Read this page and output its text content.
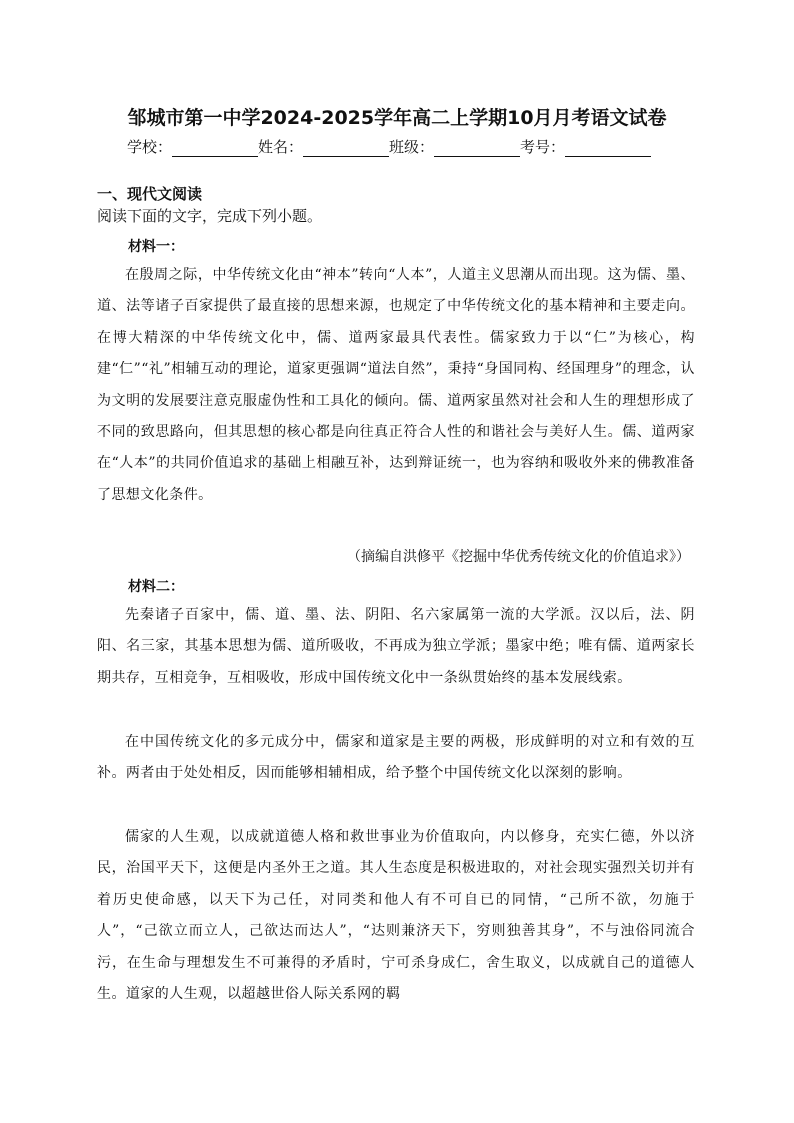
邹城市第一中学2024-2025学年高二上学期10月月考语文试卷
学校：	姓名：	班级：	考号：
一、现代文阅读
阅读下面的文字，完成下列小题。
材料一：
在殷周之际，中华传统文化由“神本”转向“人本”，人道主义思潮从而出现。这为儒、墨、道、法等诸子百家提供了最直接的思想来源，也规定了中华传统文化的基本精神和主要走向。在博大精深的中华传统文化中，儒、道两家最具代表性。儒家致力于以“仁”为核心，构建“仁”“礼”相辅互动的理论，道家更强调“道法自然”，秉持“身国同构、经国理身”的理念，认为文明的发展要注意克服虚伪性和工具化的倾向。儒、道两家虽然对社会和人生的理想形成了不同的致思路向，但其思想的核心都是向往真正符合人性的和谐社会与美好人生。儒、道两家在“人本”的共同价值追求的基础上相融互补，达到辩证统一，也为容纳和吸收外来的佛教准备了思想文化条件。
（摘编自洪修平《挖掘中华优秀传统文化的价值追求》）
材料二：
先秦诸子百家中，儒、道、墨、法、阴阳、名六家属第一流的大学派。汉以后，法、阴阳、名三家，其基本思想为儒、道所吸收，不再成为独立学派；墨家中绝；唯有儒、道两家长期共存，互相竞争，互相吸收，形成中国传统文化中一条纵贯始终的基本发展线索。
在中国传统文化的多元成分中，儒家和道家是主要的两极，形成鲜明的对立和有效的互补。两者由于处处相反，因而能够相辅相成，给予整个中国传统文化以深刻的影响。
儒家的人生观，以成就道德人格和救世事业为价值取向，内以修身，充实仁德，外以济民，治国平天下，这便是内圣外王之道。其人生态度是积极进取的，对社会现实强烈关切并有着历史使命感，以天下为己任，对同类和他人有不可自已的同情，“己所不欲，勿施于人”，“己欲立而立人，己欲达而达人”，“达则兼济天下，穷则独善其身”，不与浊俗同流合污，在生命与理想发生不可兼得的矛盾时，宁可杀身成仁，舍生取义，以成就自己的道德人生。道家的人生观，以超越世俗人际关系网的羁
